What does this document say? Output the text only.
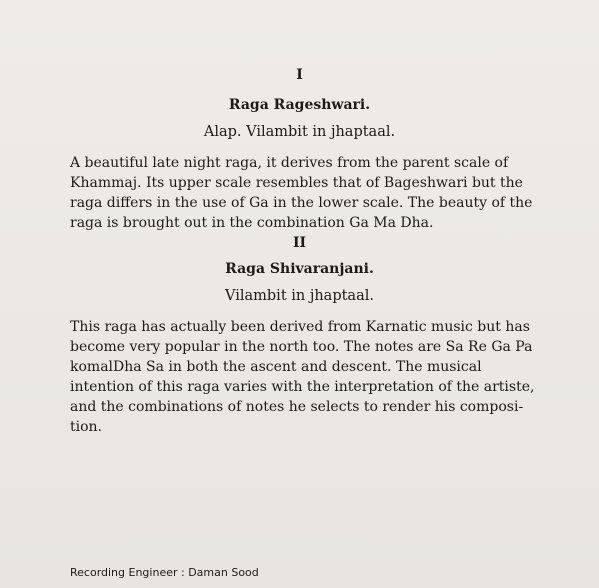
I
Raga Rageshwari.
Alap. Vilambit in jhaptaal.
A beautiful late night raga, it derives from the parent scale of
Khammaj. Its upper scale resembles that of Bageshwari but the
raga differs in the use of Ga in the lower scale. The beauty of the
raga is brought out in the combination Ga Ma Dha.
II
Raga Shivaranjani.
Vilambit in jhaptaal.
This raga has actually been derived from Karnatic music but has
become very popular in the north too. The notes are Sa Re Ga Pa
komalDha Sa in both the ascent and descent. The musical
intention of this raga varies with the interpretation of the artiste,
and the combinations of notes he selects to render his composi-
tion.
Recording Engineer : Daman Sood
